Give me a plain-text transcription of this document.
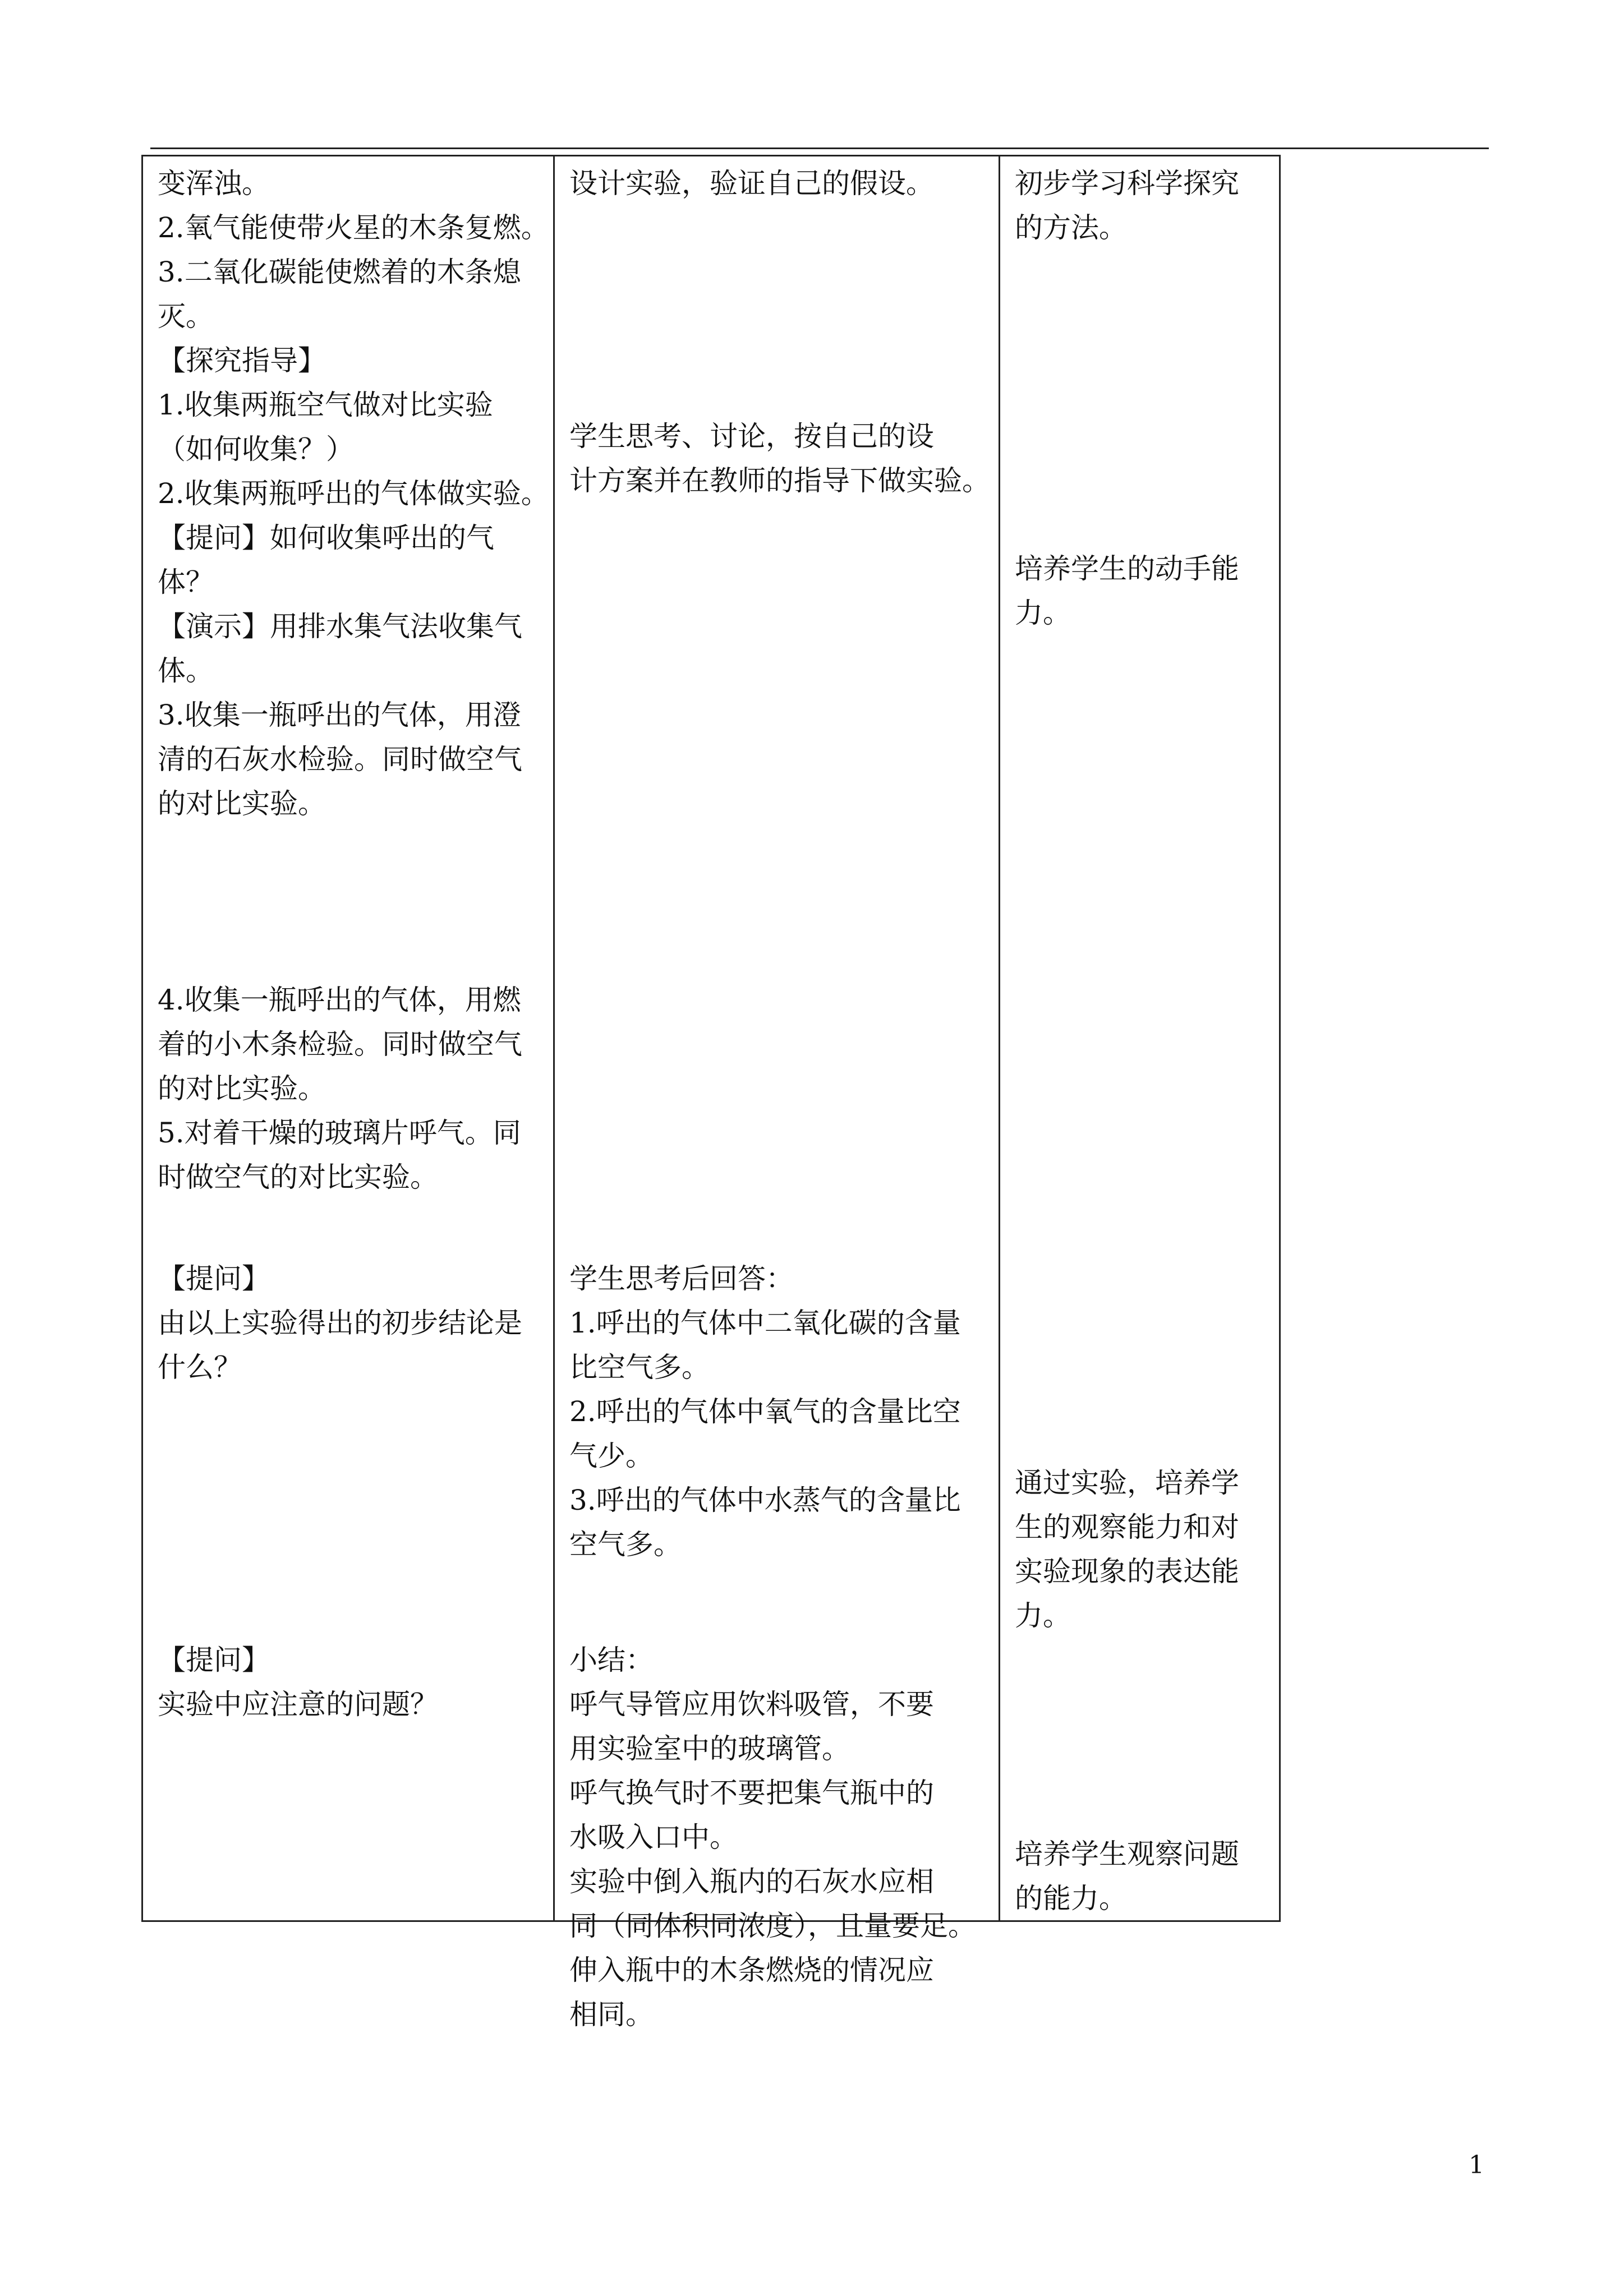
变浑浊。
2.氧气能使带火星的木条复燃。
3.二氧化碳能使燃着的木条熄
灭。
【探究指导】
1.收集两瓶空气做对比实验
（如何收集？）
2.收集两瓶呼出的气体做实验。
【提问】如何收集呼出的气
体？
【演示】用排水集气法收集气
体。
3.收集一瓶呼出的气体，用澄
清的石灰水检验。同时做空气
的对比实验。
4.收集一瓶呼出的气体，用燃
着的小木条检验。同时做空气
的对比实验。
5.对着干燥的玻璃片呼气。同
时做空气的对比实验。
【提问】
由以上实验得出的初步结论是
什么？
【提问】
实验中应注意的问题？
设计实验，验证自己的假设。
学生思考、讨论，按自己的设
计方案并在教师的指导下做实验。
学生思考后回答：
1.呼出的气体中二氧化碳的含量
比空气多。
2.呼出的气体中氧气的含量比空
气少。
3.呼出的气体中水蒸气的含量比
空气多。
小结：
呼气导管应用饮料吸管，不要
用实验室中的玻璃管。
呼气换气时不要把集气瓶中的
水吸入口中。
实验中倒入瓶内的石灰水应相
同（同体积同浓度），且量要足。
伸入瓶中的木条燃烧的情况应
相同。
初步学习科学探究
的方法。
培养学生的动手能
力。
通过实验，培养学
生的观察能力和对
实验现象的表达能
力。
培养学生观察问题
的能力。
1
